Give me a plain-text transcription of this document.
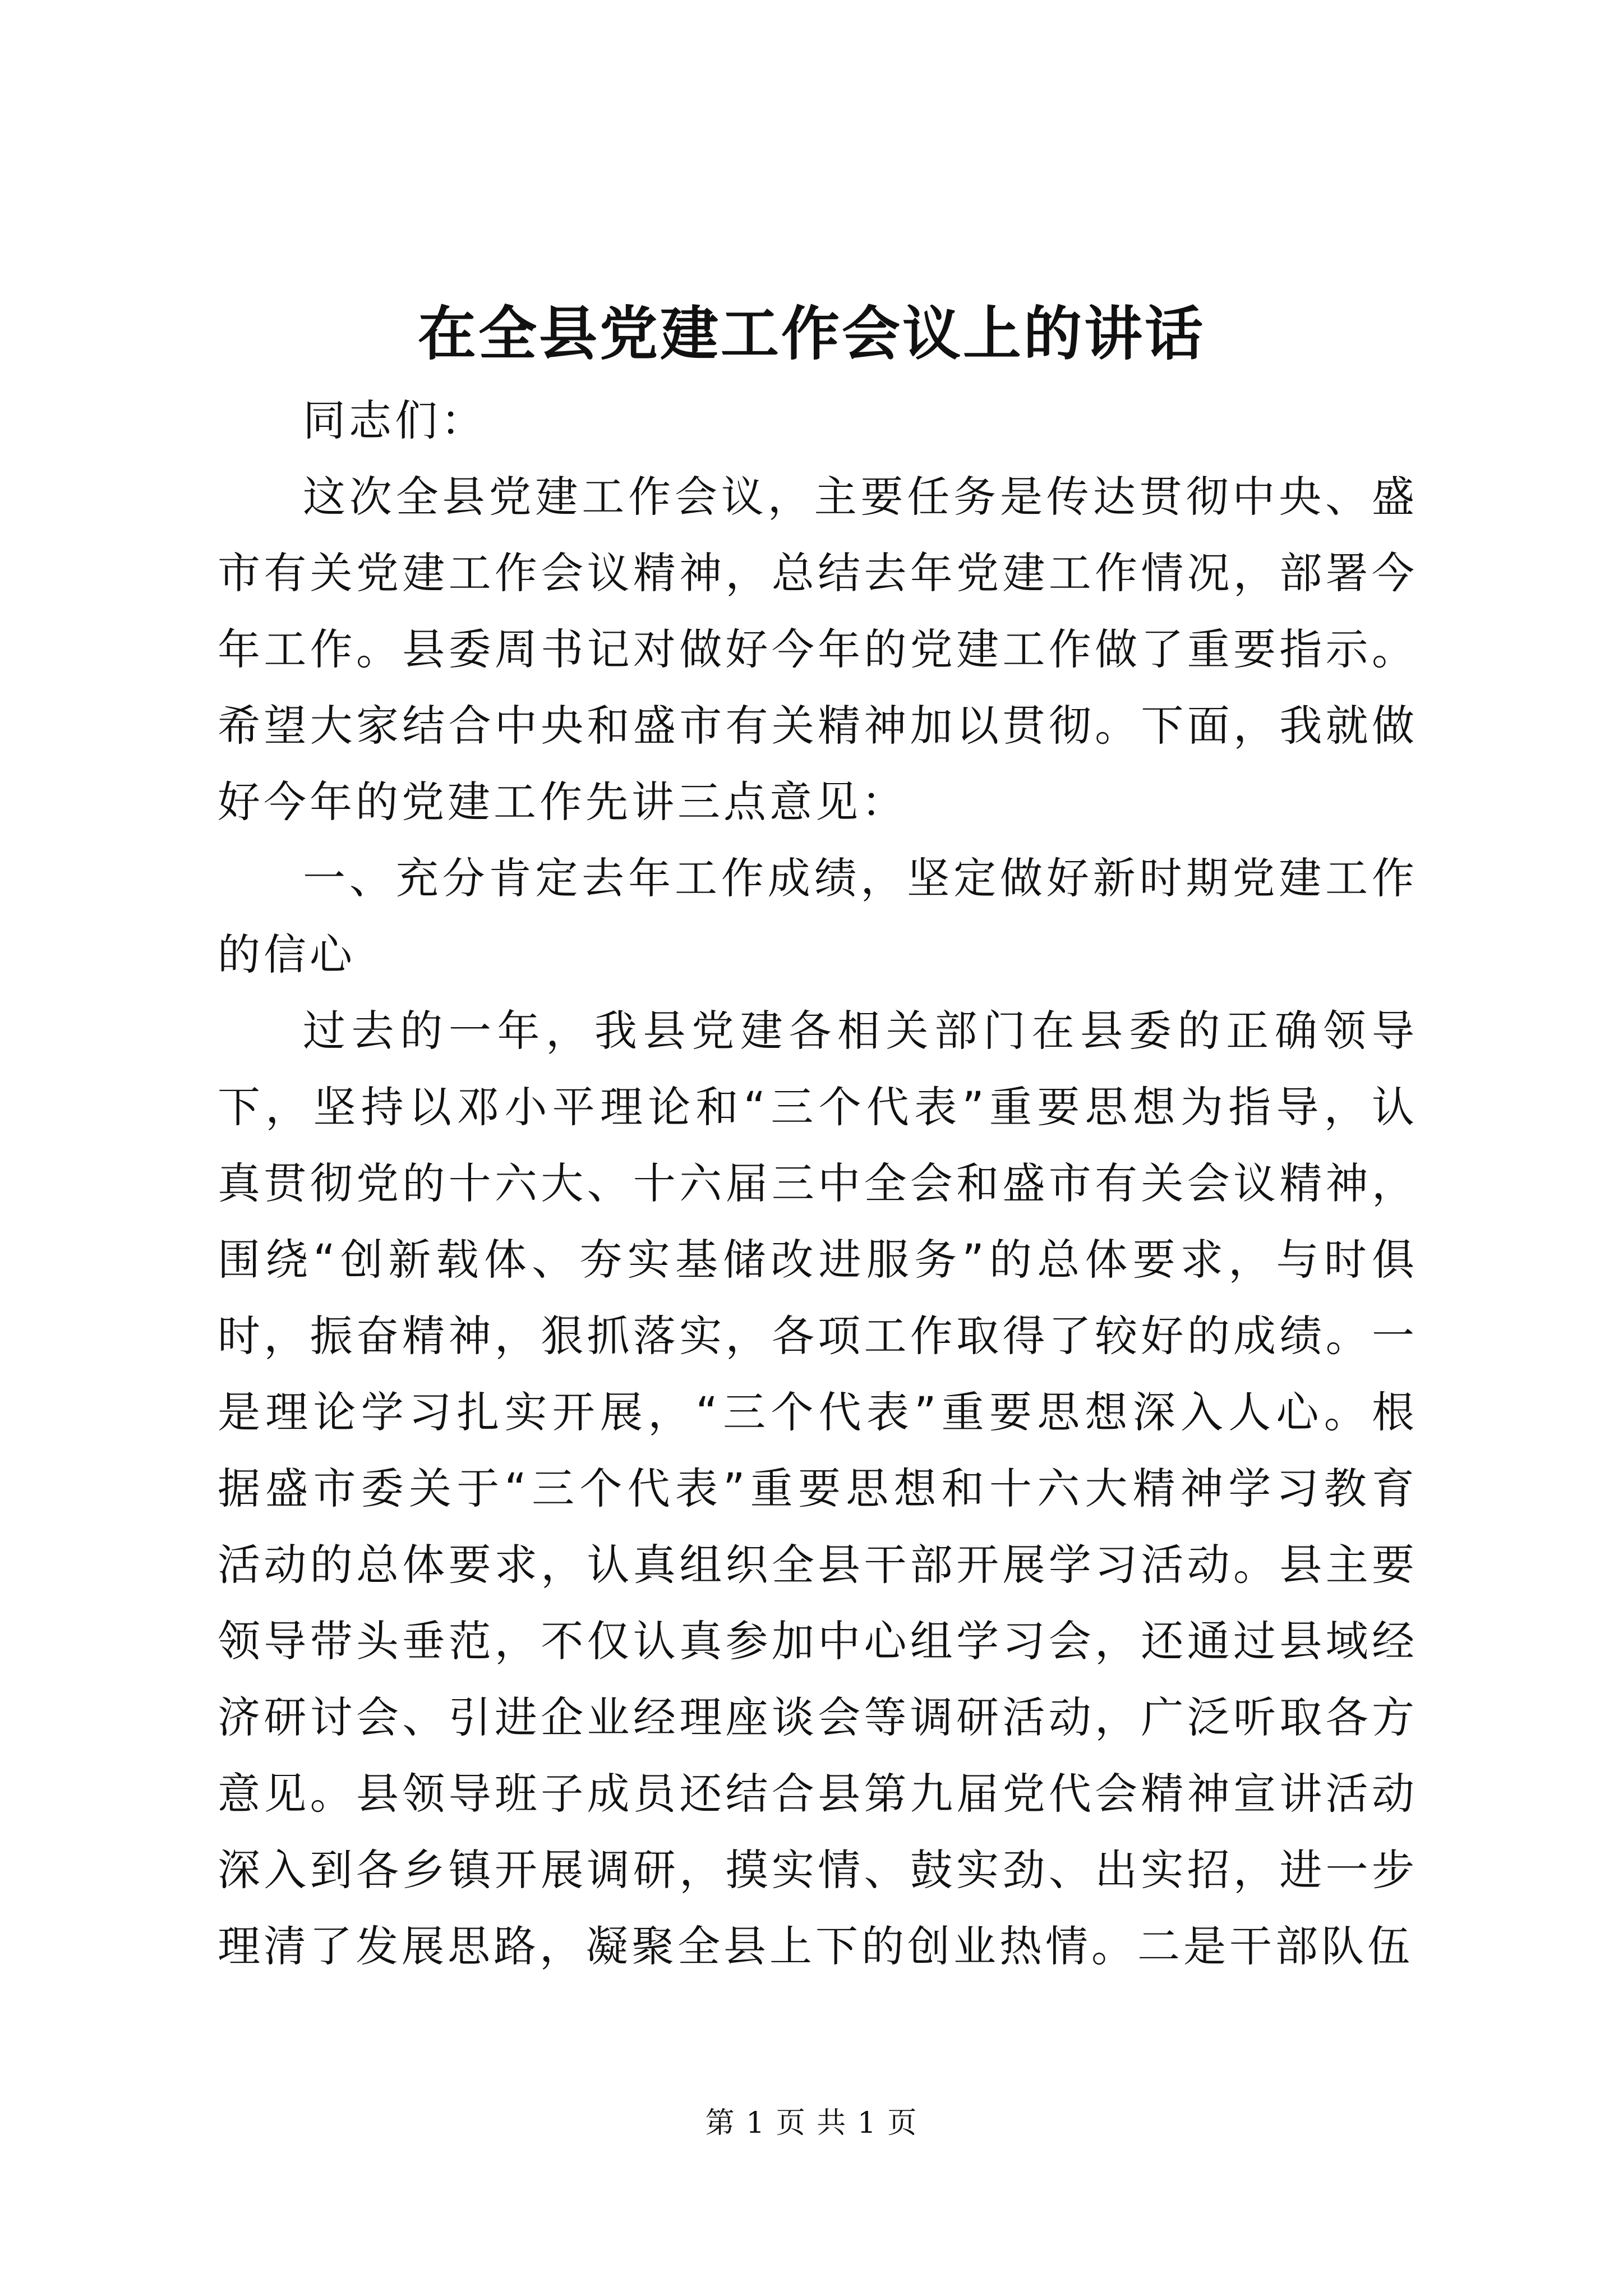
在全县党建工作会议上的讲话

同志们：

这次全县党建工作会议，主要任务是传达贯彻中央、盛市有关党建工作会议精神，总结去年党建工作情况，部署今年工作。县委周书记对做好今年的党建工作做了重要指示。希望大家结合中央和盛市有关精神加以贯彻。下面，我就做好今年的党建工作先讲三点意见：

一、充分肯定去年工作成绩，坚定做好新时期党建工作的信心

过去的一年，我县党建各相关部门在县委的正确领导下，坚持以邓小平理论和“三个代表”重要思想为指导，认真贯彻党的十六大、十六届三中全会和盛市有关会议精神，围绕“创新载体、夯实基储改进服务”的总体要求，与时俱时，振奋精神，狠抓落实，各项工作取得了较好的成绩。一是理论学习扎实开展，“三个代表”重要思想深入人心。根据盛市委关于“三个代表”重要思想和十六大精神学习教育活动的总体要求，认真组织全县干部开展学习活动。县主要领导带头垂范，不仅认真参加中心组学习会，还通过县域经济研讨会、引进企业经理座谈会等调研活动，广泛听取各方意见。县领导班子成员还结合县第九届党代会精神宣讲活动深入到各乡镇开展调研，摸实情、鼓实劲、出实招，进一步理清了发展思路，凝聚全县上下的创业热情。二是干部队伍

第 1 页 共 1 页
